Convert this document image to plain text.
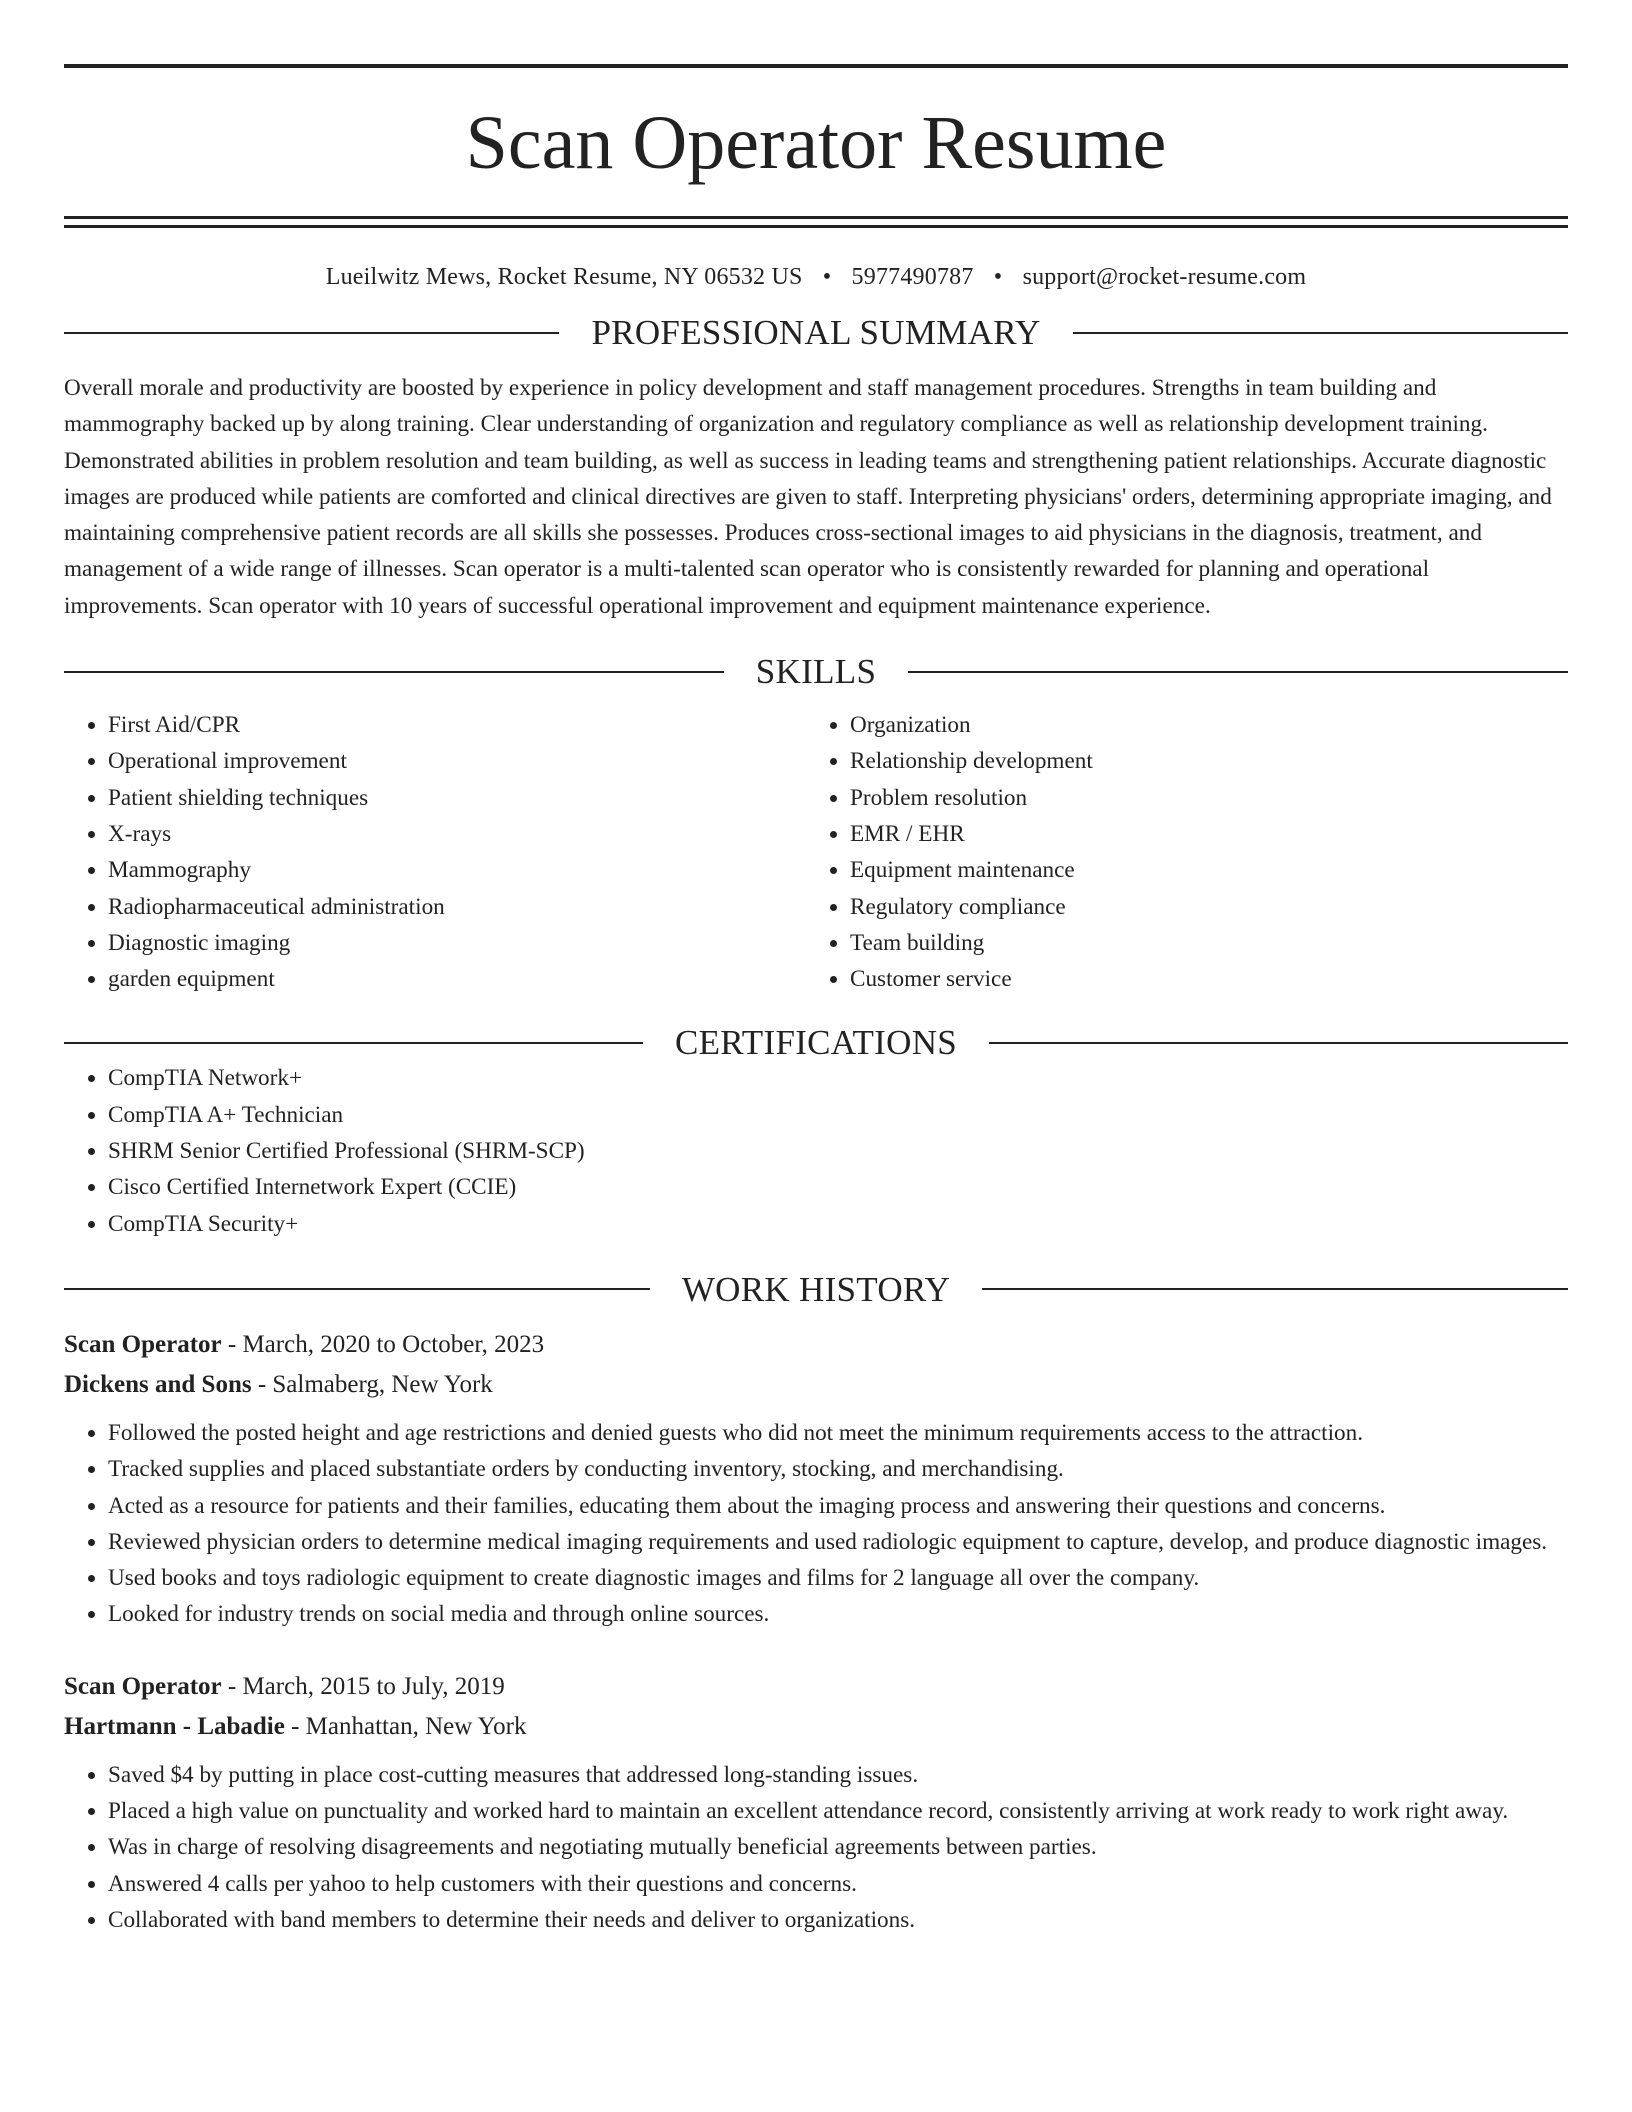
Scan Operator Resume
Lueilwitz Mews, Rocket Resume, NY 06532 US • 5977490787 • support@rocket-resume.com
PROFESSIONAL SUMMARY

Overall morale and productivity are boosted by experience in policy development and staff management procedures. Strengths in team building and mammography backed up by along training. Clear understanding of organization and regulatory compliance as well as relationship development training. Demonstrated abilities in problem resolution and team building, as well as success in leading teams and strengthening patient relationships. Accurate diagnostic images are produced while patients are comforted and clinical directives are given to staff. Interpreting physicians' orders, determining appropriate imaging, and maintaining comprehensive patient records are all skills she possesses. Produces cross-sectional images to aid physicians in the diagnosis, treatment, and management of a wide range of illnesses. Scan operator is a multi-talented scan operator who is consistently rewarded for planning and operational improvements. Scan operator with 10 years of successful operational improvement and equipment maintenance experience.

SKILLS
• First Aid/CPR
• Operational improvement
• Patient shielding techniques
• X-rays
• Mammography
• Radiopharmaceutical administration
• Diagnostic imaging
• garden equipment
• Organization
• Relationship development
• Problem resolution
• EMR / EHR
• Equipment maintenance
• Regulatory compliance
• Team building
• Customer service
CERTIFICATIONS
• CompTIA Network+
• CompTIA A+ Technician
• SHRM Senior Certified Professional (SHRM-SCP)
• Cisco Certified Internetwork Expert (CCIE)
• CompTIA Security+
WORK HISTORY
Scan Operator - March, 2020 to October, 2023
Dickens and Sons - Salmaberg, New York
• Followed the posted height and age restrictions and denied guests who did not meet the minimum requirements access to the attraction.
• Tracked supplies and placed substantiate orders by conducting inventory, stocking, and merchandising.
• Acted as a resource for patients and their families, educating them about the imaging process and answering their questions and concerns.
• Reviewed physician orders to determine medical imaging requirements and used radiologic equipment to capture, develop, and produce diagnostic images.
• Used books and toys radiologic equipment to create diagnostic images and films for 2 language all over the company.
• Looked for industry trends on social media and through online sources.
Scan Operator - March, 2015 to July, 2019
Hartmann - Labadie - Manhattan, New York
• Saved $4 by putting in place cost-cutting measures that addressed long-standing issues.
• Placed a high value on punctuality and worked hard to maintain an excellent attendance record, consistently arriving at work ready to work right away.
• Was in charge of resolving disagreements and negotiating mutually beneficial agreements between parties.
• Answered 4 calls per yahoo to help customers with their questions and concerns.
• Collaborated with band members to determine their needs and deliver to organizations.
